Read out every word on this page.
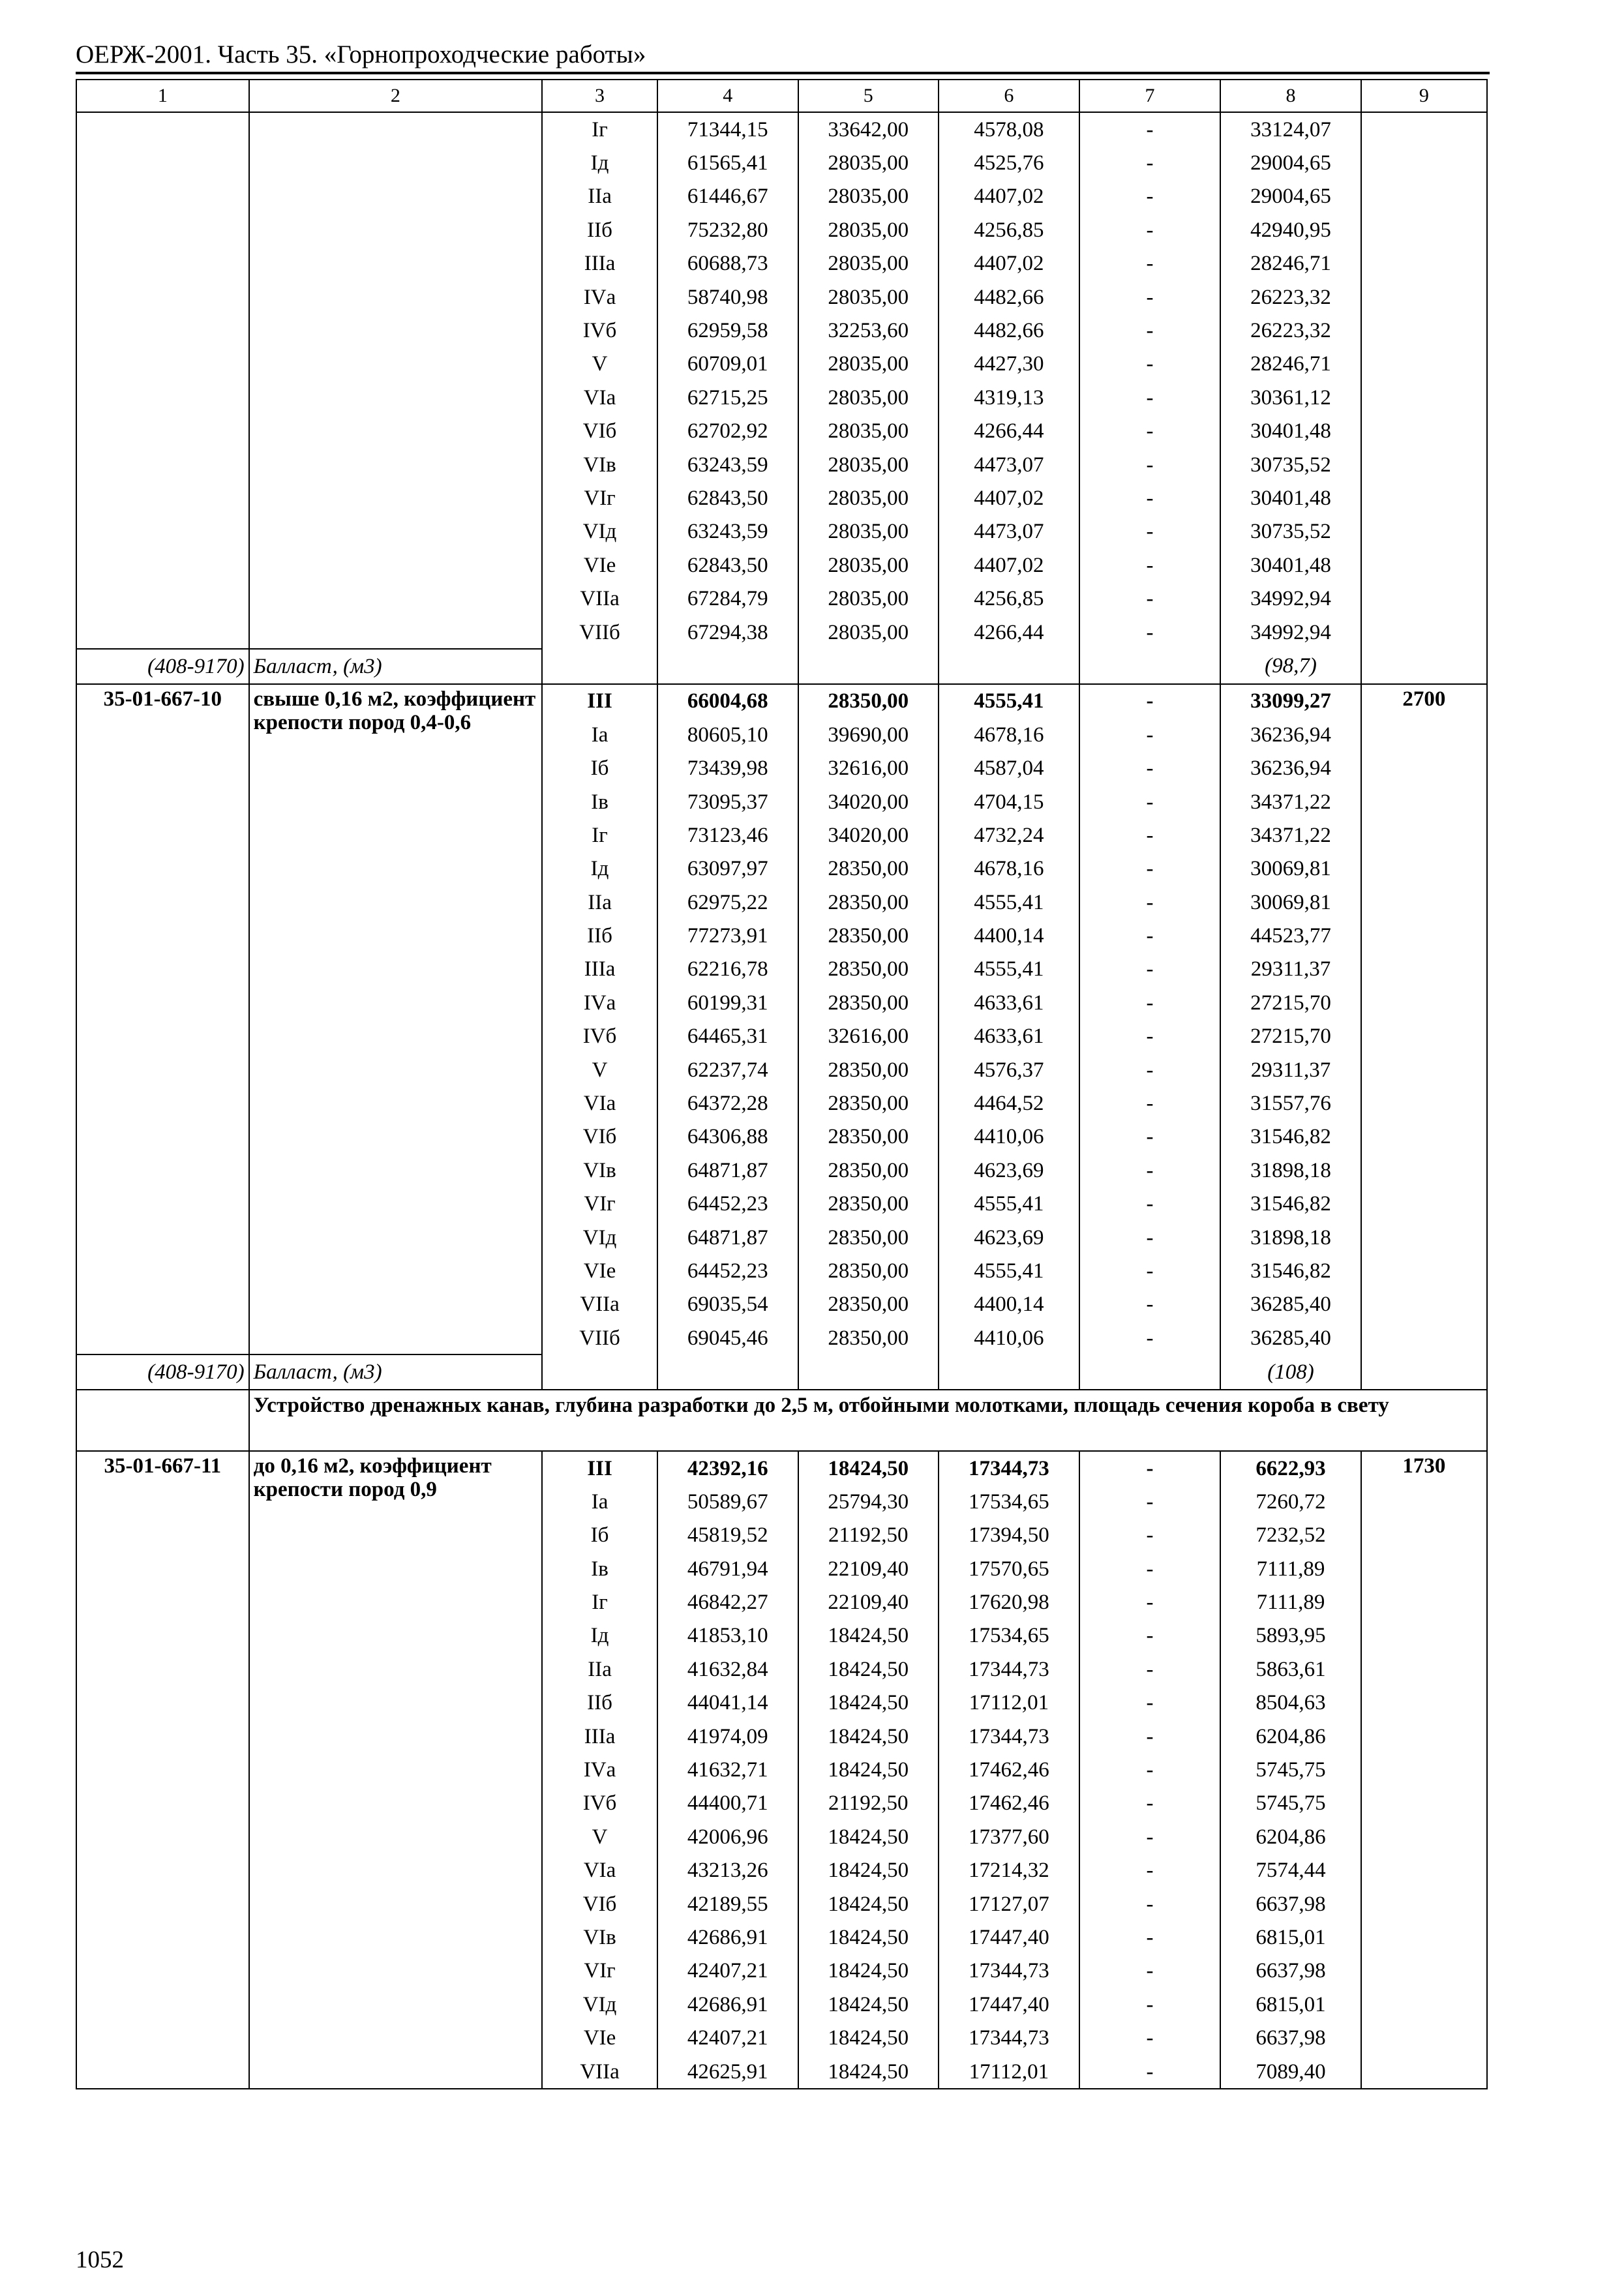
ОЕРЖ-2001. Часть 35. «Горнопроходческие работы»
1	2	3	4	5	6	7	8	9
		Iг	71344,15	33642,00	4578,08	-	33124,07	
		Iд	61565,41	28035,00	4525,76	-	29004,65	
		IIа	61446,67	28035,00	4407,02	-	29004,65	
		IIб	75232,80	28035,00	4256,85	-	42940,95	
		IIIа	60688,73	28035,00	4407,02	-	28246,71	
		IVа	58740,98	28035,00	4482,66	-	26223,32	
		IVб	62959,58	32253,60	4482,66	-	26223,32	
		V	60709,01	28035,00	4427,30	-	28246,71	
		VIа	62715,25	28035,00	4319,13	-	30361,12	
		VIб	62702,92	28035,00	4266,44	-	30401,48	
		VIв	63243,59	28035,00	4473,07	-	30735,52	
		VIг	62843,50	28035,00	4407,02	-	30401,48	
		VIд	63243,59	28035,00	4473,07	-	30735,52	
		VIе	62843,50	28035,00	4407,02	-	30401,48	
		VIIа	67284,79	28035,00	4256,85	-	34992,94	
		VIIб	67294,38	28035,00	4266,44	-	34992,94	
(408-9170)	Балласт, (м3)						(98,7)	
35-01-667-10	свыше 0,16 м2, коэффициент крепости пород 0,4-0,6	III	66004,68	28350,00	4555,41	-	33099,27	2700
		Iа	80605,10	39690,00	4678,16	-	36236,94	
		Iб	73439,98	32616,00	4587,04	-	36236,94	
		Iв	73095,37	34020,00	4704,15	-	34371,22	
		Iг	73123,46	34020,00	4732,24	-	34371,22	
		Iд	63097,97	28350,00	4678,16	-	30069,81	
		IIа	62975,22	28350,00	4555,41	-	30069,81	
		IIб	77273,91	28350,00	4400,14	-	44523,77	
		IIIа	62216,78	28350,00	4555,41	-	29311,37	
		IVа	60199,31	28350,00	4633,61	-	27215,70	
		IVб	64465,31	32616,00	4633,61	-	27215,70	
		V	62237,74	28350,00	4576,37	-	29311,37	
		VIа	64372,28	28350,00	4464,52	-	31557,76	
		VIб	64306,88	28350,00	4410,06	-	31546,82	
		VIв	64871,87	28350,00	4623,69	-	31898,18	
		VIг	64452,23	28350,00	4555,41	-	31546,82	
		VIд	64871,87	28350,00	4623,69	-	31898,18	
		VIе	64452,23	28350,00	4555,41	-	31546,82	
		VIIа	69035,54	28350,00	4400,14	-	36285,40	
		VIIб	69045,46	28350,00	4410,06	-	36285,40	
(408-9170)	Балласт, (м3)						(108)	
	Устройство дренажных канав, глубина разработки до 2,5 м, отбойными молотками, площадь сечения короба в свету							
35-01-667-11	до 0,16 м2, коэффициент крепости пород 0,9	III	42392,16	18424,50	17344,73	-	6622,93	1730
		Iа	50589,67	25794,30	17534,65	-	7260,72	
		Iб	45819,52	21192,50	17394,50	-	7232,52	
		Iв	46791,94	22109,40	17570,65	-	7111,89	
		Iг	46842,27	22109,40	17620,98	-	7111,89	
		Iд	41853,10	18424,50	17534,65	-	5893,95	
		IIа	41632,84	18424,50	17344,73	-	5863,61	
		IIб	44041,14	18424,50	17112,01	-	8504,63	
		IIIа	41974,09	18424,50	17344,73	-	6204,86	
		IVа	41632,71	18424,50	17462,46	-	5745,75	
		IVб	44400,71	21192,50	17462,46	-	5745,75	
		V	42006,96	18424,50	17377,60	-	6204,86	
		VIа	43213,26	18424,50	17214,32	-	7574,44	
		VIб	42189,55	18424,50	17127,07	-	6637,98	
		VIв	42686,91	18424,50	17447,40	-	6815,01	
		VIг	42407,21	18424,50	17344,73	-	6637,98	
		VIд	42686,91	18424,50	17447,40	-	6815,01	
		VIе	42407,21	18424,50	17344,73	-	6637,98	
		VIIа	42625,91	18424,50	17112,01	-	7089,40	
1052
